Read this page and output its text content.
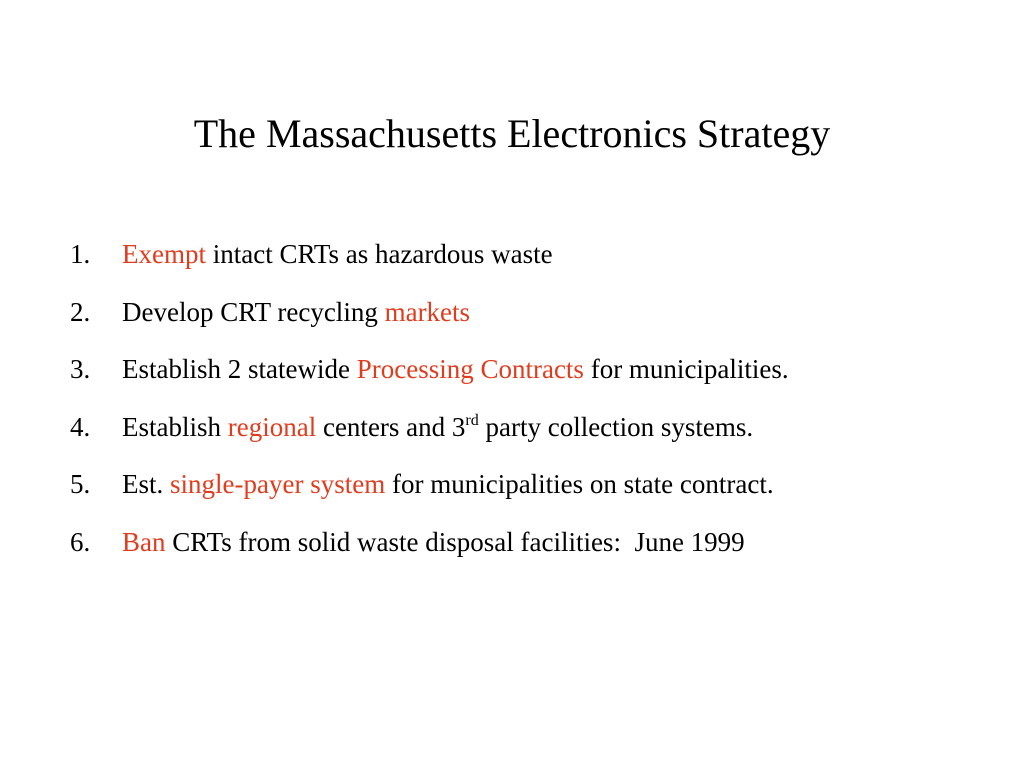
The Massachusetts Electronics Strategy
1. Exempt intact CRTs as hazardous waste
2. Develop CRT recycling markets
3. Establish 2 statewide Processing Contracts for municipalities.
4. Establish regional centers and 3rd party collection systems.
5. Est. single-payer system for municipalities on state contract.
6. Ban CRTs from solid waste disposal facilities:  June 1999
